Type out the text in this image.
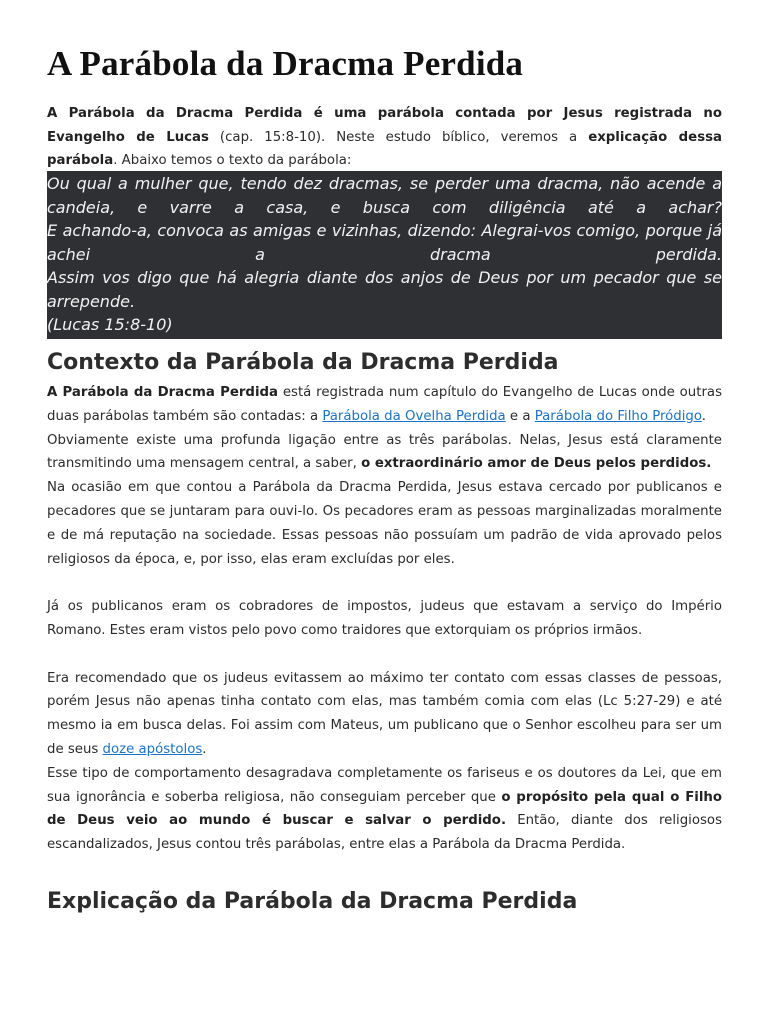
A Parábola da Dracma Perdida
A Parábola da Dracma Perdida é uma parábola contada por Jesus registrada no Evangelho de Lucas (cap. 15:8-10). Neste estudo bíblico, veremos a explicação dessa parábola. Abaixo temos o texto da parábola:

Ou qual a mulher que, tendo dez dracmas, se perder uma dracma, não acende a candeia, e varre a casa, e busca com diligência até a achar?

E achando-a, convoca as amigas e vizinhas, dizendo: Alegrai-vos comigo, porque já achei a dracma perdida.

Assim vos digo que há alegria diante dos anjos de Deus por um pecador que se arrepende.

(Lucas 15:8-10)

Contexto da Parábola da Dracma Perdida

A Parábola da Dracma Perdida está registrada num capítulo do Evangelho de Lucas onde outras duas parábolas também são contadas: a Parábola da Ovelha Perdida e a Parábola do Filho Pródigo.

Obviamente existe uma profunda ligação entre as três parábolas. Nelas, Jesus está claramente transmitindo uma mensagem central, a saber, o extraordinário amor de Deus pelos perdidos.

Na ocasião em que contou a Parábola da Dracma Perdida, Jesus estava cercado por publicanos e pecadores que se juntaram para ouvi-lo. Os pecadores eram as pessoas marginalizadas moralmente e de má reputação na sociedade. Essas pessoas não possuíam um padrão de vida aprovado pelos religiosos da época, e, por isso, elas eram excluídas por eles.

Já os publicanos eram os cobradores de impostos, judeus que estavam a serviço do Império Romano. Estes eram vistos pelo povo como traidores que extorquiam os próprios irmãos.

Era recomendado que os judeus evitassem ao máximo ter contato com essas classes de pessoas, porém Jesus não apenas tinha contato com elas, mas também comia com elas (Lc 5:27-29) e até mesmo ia em busca delas. Foi assim com Mateus, um publicano que o Senhor escolheu para ser um de seus doze apóstolos.

Esse tipo de comportamento desagradava completamente os fariseus e os doutores da Lei, que em sua ignorância e soberba religiosa, não conseguiam perceber que o propósito pela qual o Filho de Deus veio ao mundo é buscar e salvar o perdido. Então, diante dos religiosos escandalizados, Jesus contou três parábolas, entre elas a Parábola da Dracma Perdida.

Explicação da Parábola da Dracma Perdida
